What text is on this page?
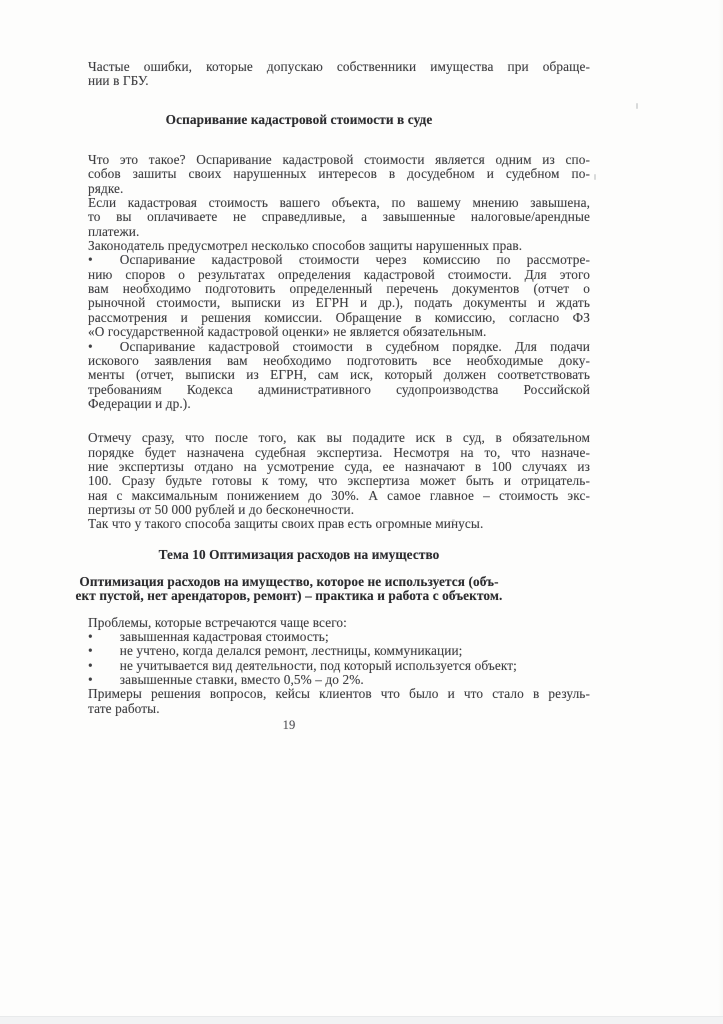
Частые ошибки, которые допускаю собственники имущества при обраще-
нии в ГБУ.
Оспаривание кадастровой стоимости в суде
Что это такое? Оспаривание кадастровой стоимости является одним из спо-
собов зашиты своих нарушенных интересов в досудебном и судебном по-
рядке.
Если кадастровая стоимость вашего объекта, по вашему мнению завышена,
то вы оплачиваете не справедливые, а завышенные налоговые/арендные
платежи.
Законодатель предусмотрел несколько способов защиты нарушенных прав.
•    Оспаривание кадастровой стоимости через комиссию по рассмотре-
нию споров о результатах определения кадастровой стоимости. Для этого
вам необходимо подготовить определенный перечень документов (отчет о
рыночной стоимости, выписки из ЕГРН и др.), подать документы и ждать
рассмотрения и решения комиссии. Обращение в комиссию, согласно ФЗ
«О государственной кадастровой оценки» не является обязательным.
•    Оспаривание кадастровой стоимости в судебном порядке. Для подачи
искового заявления вам необходимо подготовить все необходимые доку-
менты (отчет, выписки из ЕГРН, сам иск, который должен соответствовать
требованиям Кодекса административного судопроизводства Российской
Федерации и др.).
Отмечу сразу, что после того, как вы подадите иск в суд, в обязательном
порядке будет назначена судебная экспертиза. Несмотря на то, что назначе-
ние экспертизы отдано на усмотрение суда, ее назначают в 100 случаях из
100. Сразу будьте готовы к тому, что экспертиза может быть и отрицатель-
ная с максимальным понижением до 30%. А самое главное – стоимость экс-
пертизы от 50 000 рублей и до бесконечности.
Так что у такого способа защиты своих прав есть огромные минусы.
Тема 10 Оптимизация расходов на имущество
Оптимизация расходов на имущество, которое не используется (объ-
ект пустой, нет арендаторов, ремонт) – практика и работа с объектом.
Проблемы, которые встречаются чаще всего:
•    завышенная кадастровая стоимость;
•    не учтено, когда делался ремонт, лестницы, коммуникации;
•    не учитывается вид деятельности, под который используется объект;
•    завышенные ставки, вместо 0,5% – до 2%.
Примеры решения вопросов, кейсы клиентов что было и что стало в резуль-
тате работы.
19
